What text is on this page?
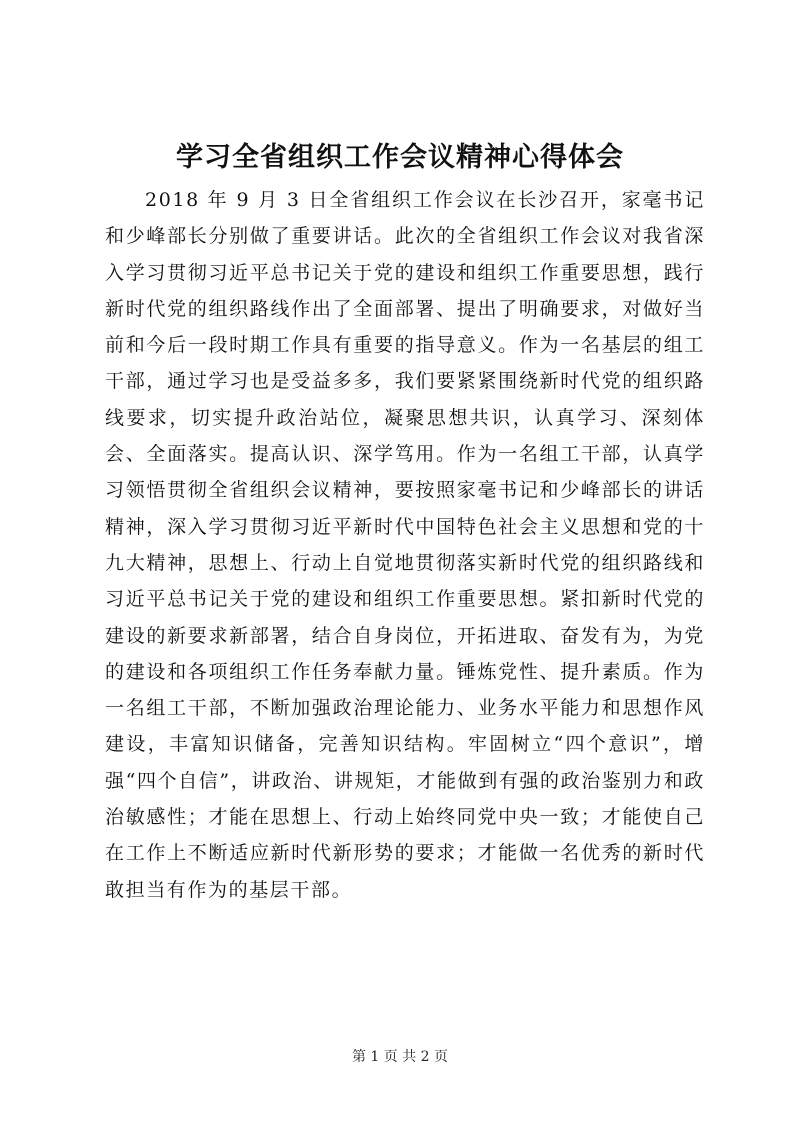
学习全省组织工作会议精神心得体会

2018 年 9 月 3 日全省组织工作会议在长沙召开，家毫书记和少峰部长分别做了重要讲话。此次的全省组织工作会议对我省深入学习贯彻习近平总书记关于党的建设和组织工作重要思想，践行新时代党的组织路线作出了全面部署、提出了明确要求，对做好当前和今后一段时期工作具有重要的指导意义。作为一名基层的组工干部，通过学习也是受益多多，我们要紧紧围绕新时代党的组织路线要求，切实提升政治站位，凝聚思想共识，认真学习、深刻体会、全面落实。提高认识、深学笃用。作为一名组工干部，认真学习领悟贯彻全省组织会议精神，要按照家毫书记和少峰部长的讲话精神，深入学习贯彻习近平新时代中国特色社会主义思想和党的十九大精神，思想上、行动上自觉地贯彻落实新时代党的组织路线和习近平总书记关于党的建设和组织工作重要思想。紧扣新时代党的建设的新要求新部署，结合自身岗位，开拓进取、奋发有为，为党的建设和各项组织工作任务奉献力量。锤炼党性、提升素质。作为一名组工干部，不断加强政治理论能力、业务水平能力和思想作风建设，丰富知识储备，完善知识结构。牢固树立“四个意识”，增强“四个自信”，讲政治、讲规矩，才能做到有强的政治鉴别力和政治敏感性；才能在思想上、行动上始终同党中央一致；才能使自己在工作上不断适应新时代新形势的要求；才能做一名优秀的新时代敢担当有作为的基层干部。

第 1 页 共 2 页
